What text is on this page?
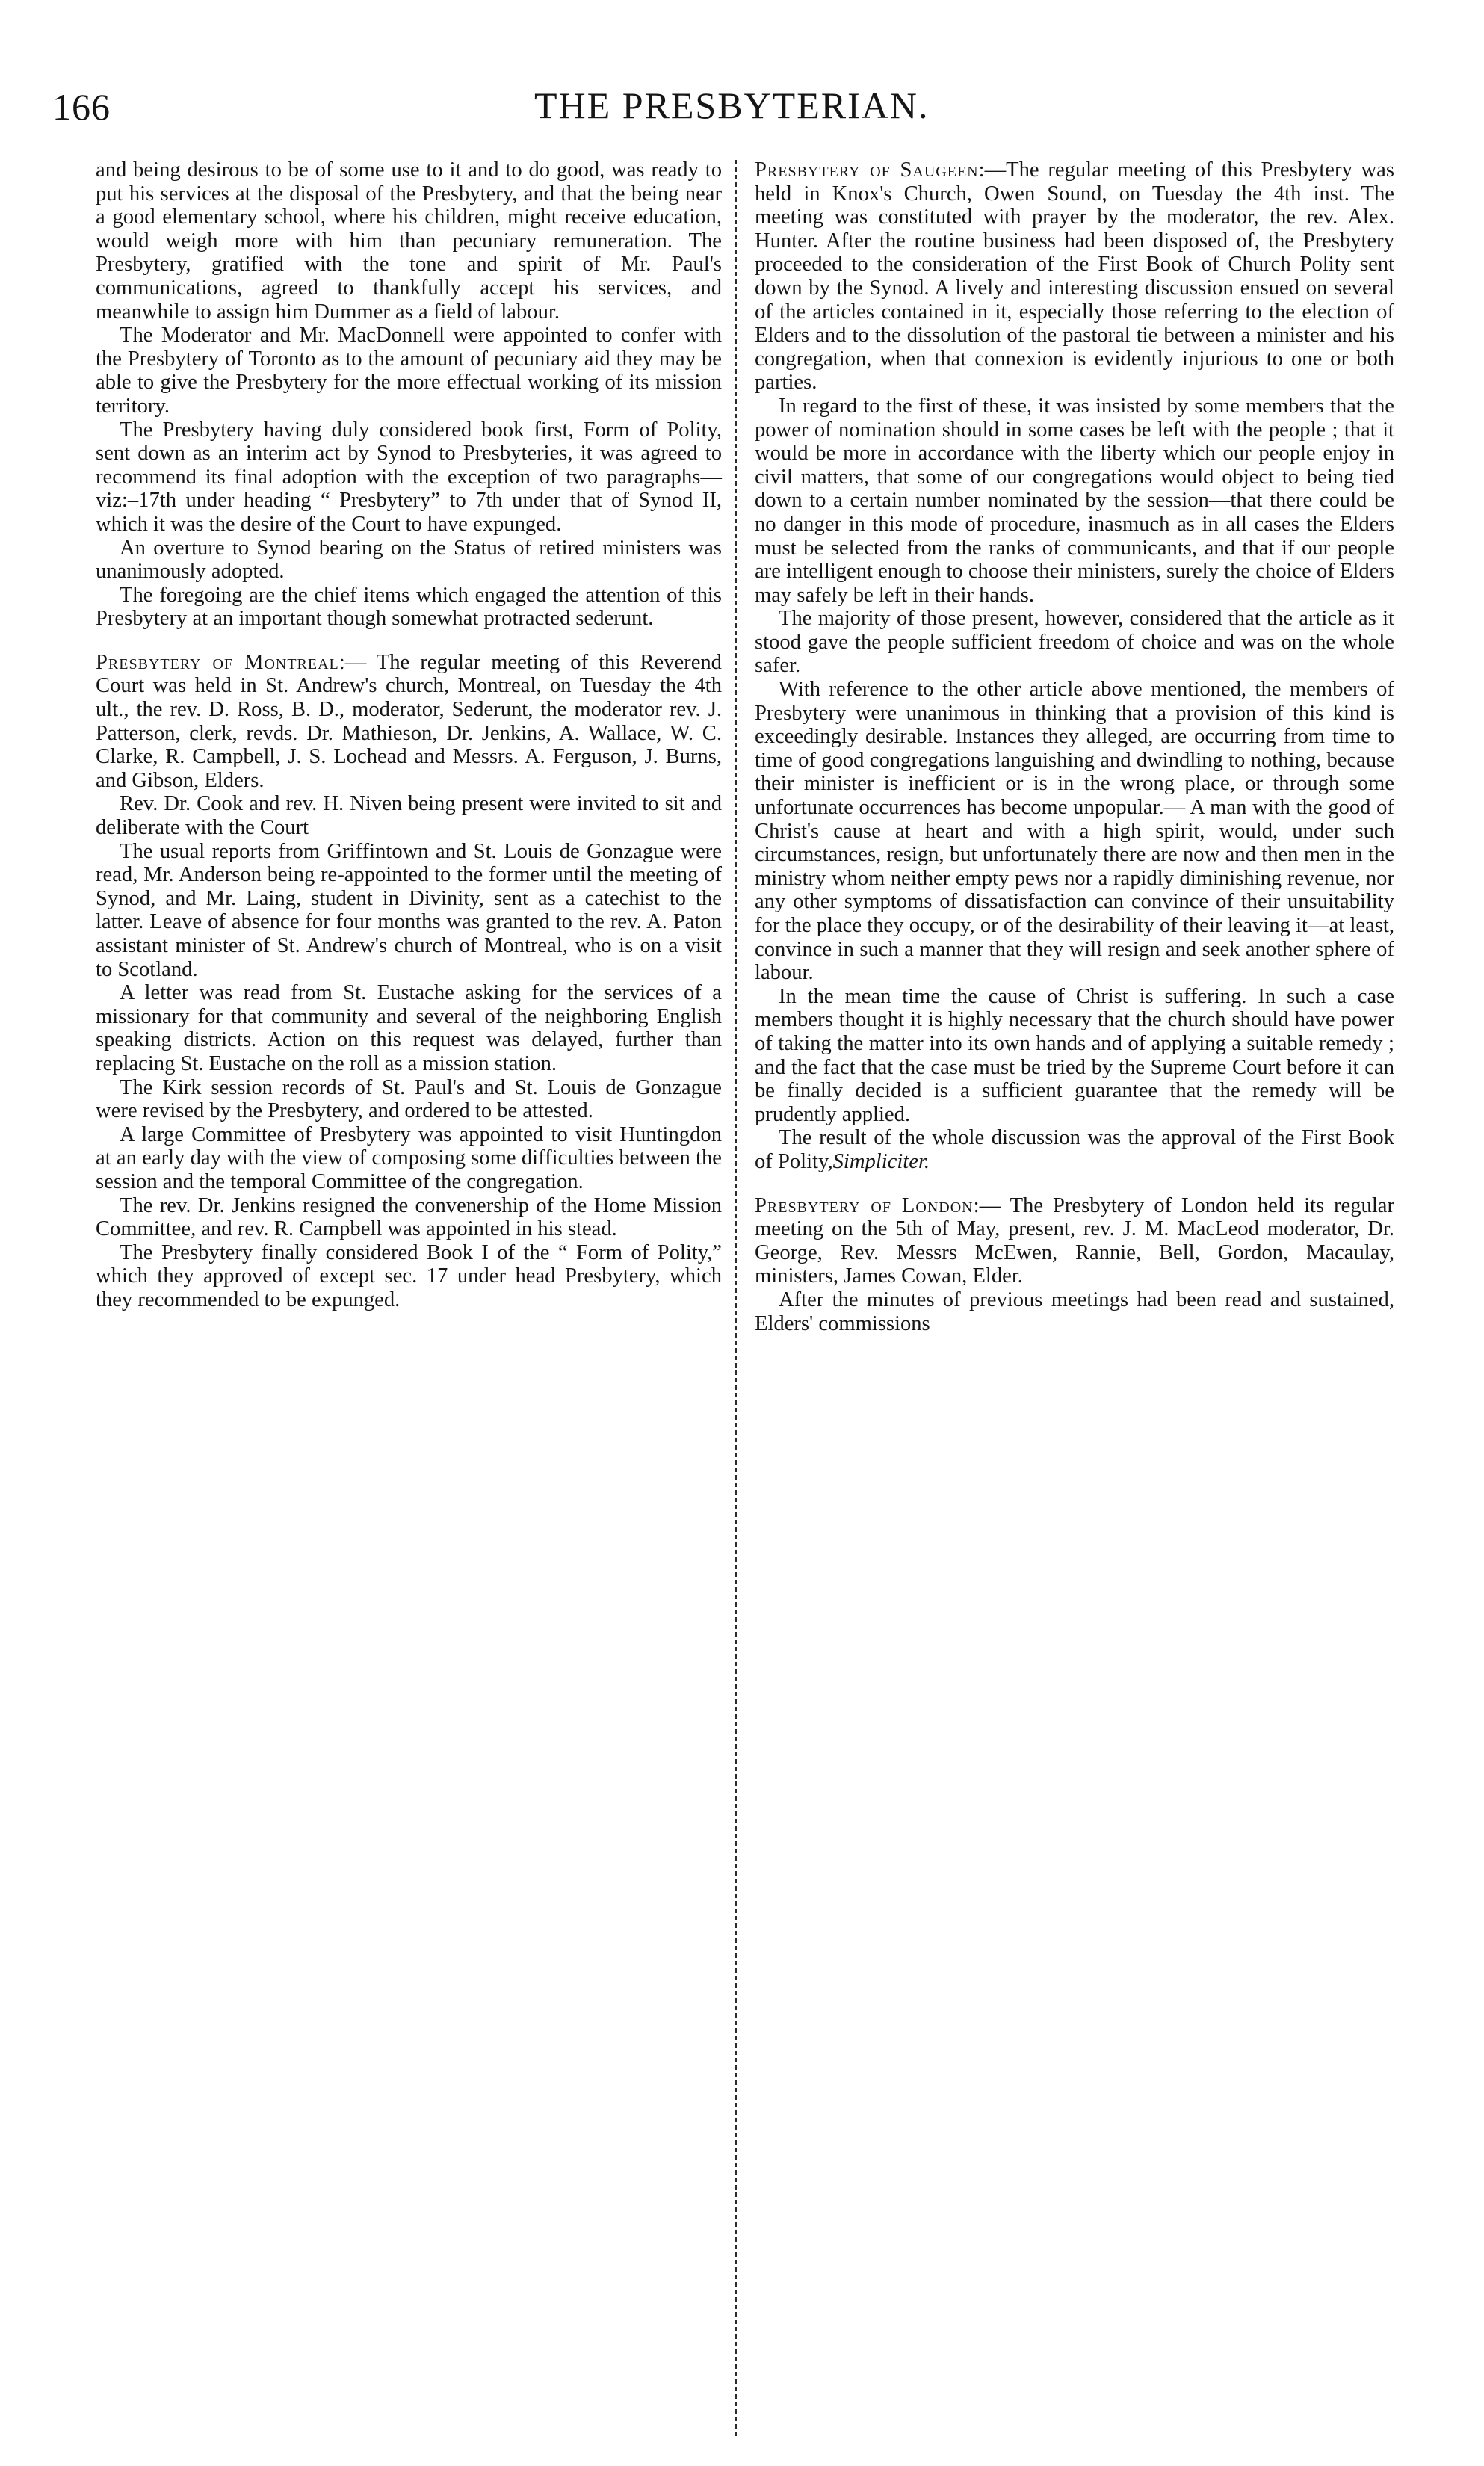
166	THE PRESBYTERIAN.

and being desirous to be of some use to it and to do good, was ready to put his services at the disposal of the Presbytery, and that the being near a good elementary school, where his children, might receive education, would weigh more with him than pecuniary remuneration. The Presbytery, gratified with the tone and spirit of Mr. Paul's communications, agreed to thankfully accept his services, and meanwhile to assign him Dummer as a field of labour.

The Moderator and Mr. MacDonnell were appointed to confer with the Presbytery of Toronto as to the amount of pecuniary aid they may be able to give the Presbytery for the more effectual working of its mission territory.

The Presbytery having duly considered book first, Form of Polity, sent down as an interim act by Synod to Presbyteries, it was agreed to recommend its final adoption with the exception of two paragraphs—viz:–17th under heading “ Presbytery” to 7th under that of Synod II, which it was the desire of the Court to have expunged.

An overture to Synod bearing on the Status of retired ministers was unanimously adopted.

The foregoing are the chief items which engaged the attention of this Presbytery at an important though somewhat protracted sederunt.

Presbytery of Montreal:— The regular meeting of this Reverend Court was held in St. Andrew's church, Montreal, on Tuesday the 4th ult., the rev. D. Ross, B. D., moderator, Sederunt, the moderator rev. J. Patterson, clerk, revds. Dr. Mathieson, Dr. Jenkins, A. Wallace, W. C. Clarke, R. Campbell, J. S. Lochead and Messrs. A. Ferguson, J. Burns, and Gibson, Elders.

Rev. Dr. Cook and rev. H. Niven being present were invited to sit and deliberate with the Court

The usual reports from Griffintown and St. Louis de Gonzague were read, Mr. Anderson being re-appointed to the former until the meeting of Synod, and Mr. Laing, student in Divinity, sent as a catechist to the latter. Leave of absence for four months was granted to the rev. A. Paton assistant minister of St. Andrew's church of Montreal, who is on a visit to Scotland.

A letter was read from St. Eustache asking for the services of a missionary for that community and several of the neighboring English speaking districts. Action on this request was delayed, further than replacing St. Eustache on the roll as a mission station.

The Kirk session records of St. Paul's and St. Louis de Gonzague were revised by the Presbytery, and ordered to be attested.

A large Committee of Presbytery was appointed to visit Huntingdon at an early day with the view of composing some difficulties between the session and the temporal Committee of the congregation.

The rev. Dr. Jenkins resigned the convenership of the Home Mission Committee, and rev. R. Campbell was appointed in his stead.

The Presbytery finally considered Book I of the “ Form of Polity,” which they approved of except sec. 17 under head Presbytery, which they recommended to be expunged.

Presbytery of Saugeen:—The regular meeting of this Presbytery was held in Knox's Church, Owen Sound, on Tuesday the 4th inst. The meeting was constituted with prayer by the moderator, the rev. Alex. Hunter. After the routine business had been disposed of, the Presbytery proceeded to the consideration of the First Book of Church Polity sent down by the Synod. A lively and interesting discussion ensued on several of the articles contained in it, especially those referring to the election of Elders and to the dissolution of the pastoral tie between a minister and his congregation, when that connexion is evidently injurious to one or both parties.

In regard to the first of these, it was insisted by some members that the power of nomination should in some cases be left with the people ; that it would be more in accordance with the liberty which our people enjoy in civil matters, that some of our congregations would object to being tied down to a certain number nominated by the session—that there could be no danger in this mode of procedure, inasmuch as in all cases the Elders must be selected from the ranks of communicants, and that if our people are intelligent enough to choose their ministers, surely the choice of Elders may safely be left in their hands.

The majority of those present, however, considered that the article as it stood gave the people sufficient freedom of choice and was on the whole safer.

With reference to the other article above mentioned, the members of Presbytery were unanimous in thinking that a provision of this kind is exceedingly desirable. Instances they alleged, are occurring from time to time of good congregations languishing and dwindling to nothing, because their minister is inefficient or is in the wrong place, or through some unfortunate occurrences has become unpopular.— A man with the good of Christ's cause at heart and with a high spirit, would, under such circumstances, resign, but unfortunately there are now and then men in the ministry whom neither empty pews nor a rapidly diminishing revenue, nor any other symptoms of dissatisfaction can convince of their unsuitability for the place they occupy, or of the desirability of their leaving it—at least, convince in such a manner that they will resign and seek another sphere of labour.

In the mean time the cause of Christ is suffering. In such a case members thought it is highly necessary that the church should have power of taking the matter into its own hands and of applying a suitable remedy ; and the fact that the case must be tried by the Supreme Court before it can be finally decided is a sufficient guarantee that the remedy will be prudently applied.

The result of the whole discussion was the approval of the First Book of Polity,Simpliciter.

Presbytery of London:— The Presbytery of London held its regular meeting on the 5th of May, present, rev. J. M. MacLeod moderator, Dr. George, Rev. Messrs McEwen, Rannie, Bell, Gordon, Macaulay, ministers, James Cowan, Elder.

After the minutes of previous meetings had been read and sustained, Elders' commissions
